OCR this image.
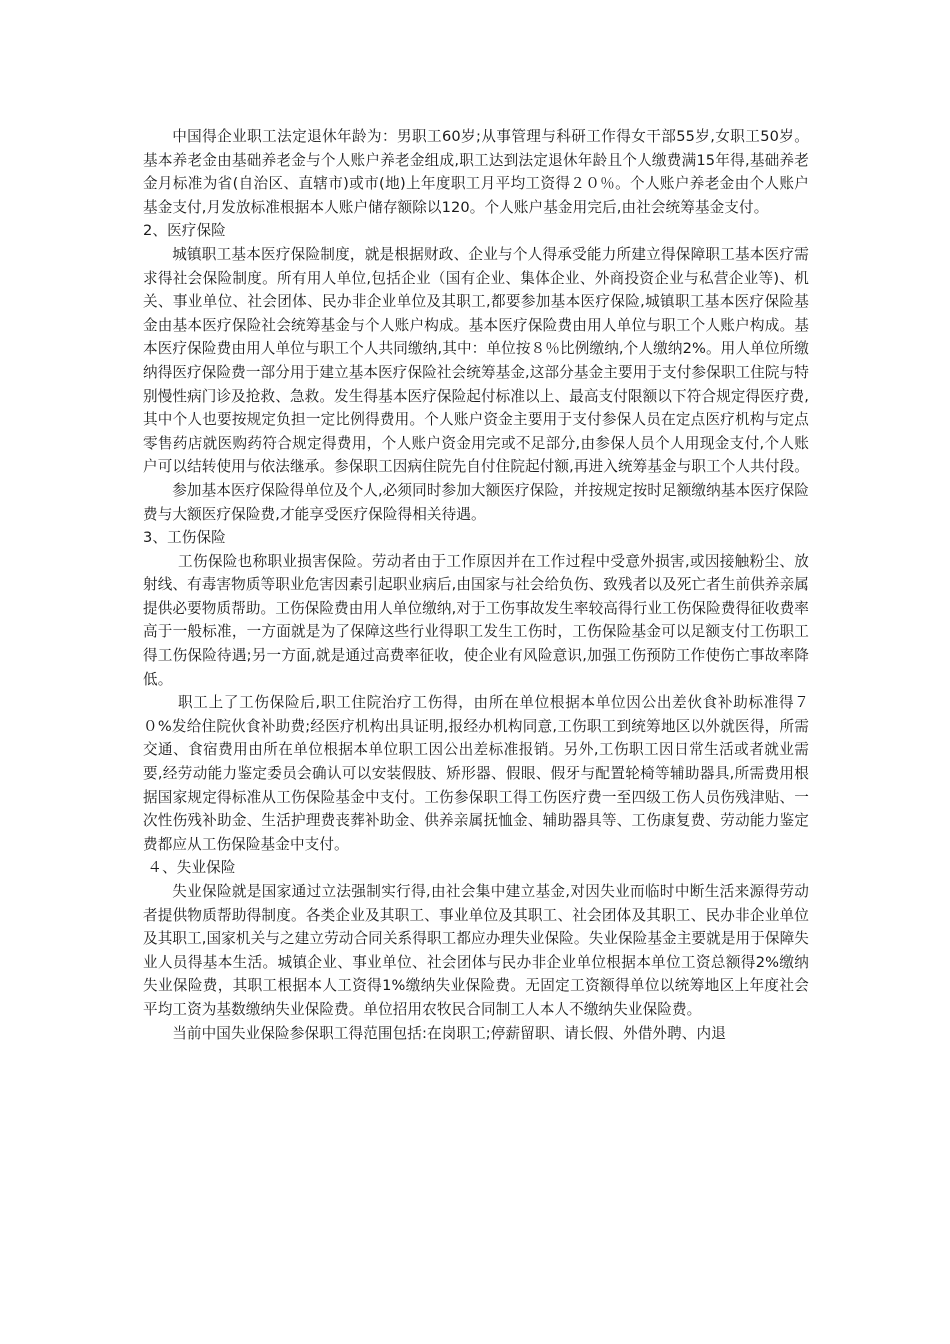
中国得企业职工法定退休年龄为：男职工60岁;从事管理与科研工作得女干部55岁,女职工50岁。基本养老金由基础养老金与个人账户养老金组成,职工达到法定退休年龄且个人缴费满15年得,基础养老金月标准为省(自治区、直辖市)或市(地)上年度职工月平均工资得２０％。个人账户养老金由个人账户基金支付,月发放标准根据本人账户储存额除以120。个人账户基金用完后,由社会统筹基金支付。

2、医疗保险

城镇职工基本医疗保险制度，就是根据财政、企业与个人得承受能力所建立得保障职工基本医疗需求得社会保险制度。所有用人单位,包括企业（国有企业、集体企业、外商投资企业与私营企业等)、机关、事业单位、社会团体、民办非企业单位及其职工,都要参加基本医疗保险,城镇职工基本医疗保险基金由基本医疗保险社会统筹基金与个人账户构成。基本医疗保险费由用人单位与职工个人账户构成。基本医疗保险费由用人单位与职工个人共同缴纳,其中：单位按８％比例缴纳,个人缴纳2%。用人单位所缴纳得医疗保险费一部分用于建立基本医疗保险社会统筹基金,这部分基金主要用于支付参保职工住院与特别慢性病门诊及抢救、急救。发生得基本医疗保险起付标准以上、最高支付限额以下符合规定得医疗费,其中个人也要按规定负担一定比例得费用。个人账户资金主要用于支付参保人员在定点医疗机构与定点零售药店就医购药符合规定得费用，个人账户资金用完或不足部分,由参保人员个人用现金支付,个人账户可以结转使用与依法继承。参保职工因病住院先自付住院起付额,再进入统筹基金与职工个人共付段。

参加基本医疗保险得单位及个人,必须同时参加大额医疗保险，并按规定按时足额缴纳基本医疗保险费与大额医疗保险费,才能享受医疗保险得相关待遇。

3、工伤保险

工伤保险也称职业损害保险。劳动者由于工作原因并在工作过程中受意外损害,或因接触粉尘、放射线、有毒害物质等职业危害因素引起职业病后,由国家与社会给负伤、致残者以及死亡者生前供养亲属提供必要物质帮助。工伤保险费由用人单位缴纳,对于工伤事故发生率较高得行业工伤保险费得征收费率高于一般标准，一方面就是为了保障这些行业得职工发生工伤时，工伤保险基金可以足额支付工伤职工得工伤保险待遇;另一方面,就是通过高费率征收，使企业有风险意识,加强工伤预防工作使伤亡事故率降低。

职工上了工伤保险后,职工住院治疗工伤得，由所在单位根据本单位因公出差伙食补助标准得７０%发给住院伙食补助费;经医疗机构出具证明,报经办机构同意,工伤职工到统筹地区以外就医得，所需交通、食宿费用由所在单位根据本单位职工因公出差标准报销。另外,工伤职工因日常生活或者就业需要,经劳动能力鉴定委员会确认可以安装假肢、矫形器、假眼、假牙与配置轮椅等辅助器具,所需费用根据国家规定得标准从工伤保险基金中支付。工伤参保职工得工伤医疗费一至四级工伤人员伤残津贴、一次性伤残补助金、生活护理费丧葬补助金、供养亲属抚恤金、辅助器具等、工伤康复费、劳动能力鉴定费都应从工伤保险基金中支付。

４、失业保险

失业保险就是国家通过立法强制实行得,由社会集中建立基金,对因失业而临时中断生活来源得劳动者提供物质帮助得制度。各类企业及其职工、事业单位及其职工、社会团体及其职工、民办非企业单位及其职工,国家机关与之建立劳动合同关系得职工都应办理失业保险。失业保险基金主要就是用于保障失业人员得基本生活。城镇企业、事业单位、社会团体与民办非企业单位根据本单位工资总额得2%缴纳失业保险费，其职工根据本人工资得1%缴纳失业保险费。无固定工资额得单位以统筹地区上年度社会平均工资为基数缴纳失业保险费。单位招用农牧民合同制工人本人不缴纳失业保险费。

当前中国失业保险参保职工得范围包括:在岗职工;停薪留职、请长假、外借外聘、内退
